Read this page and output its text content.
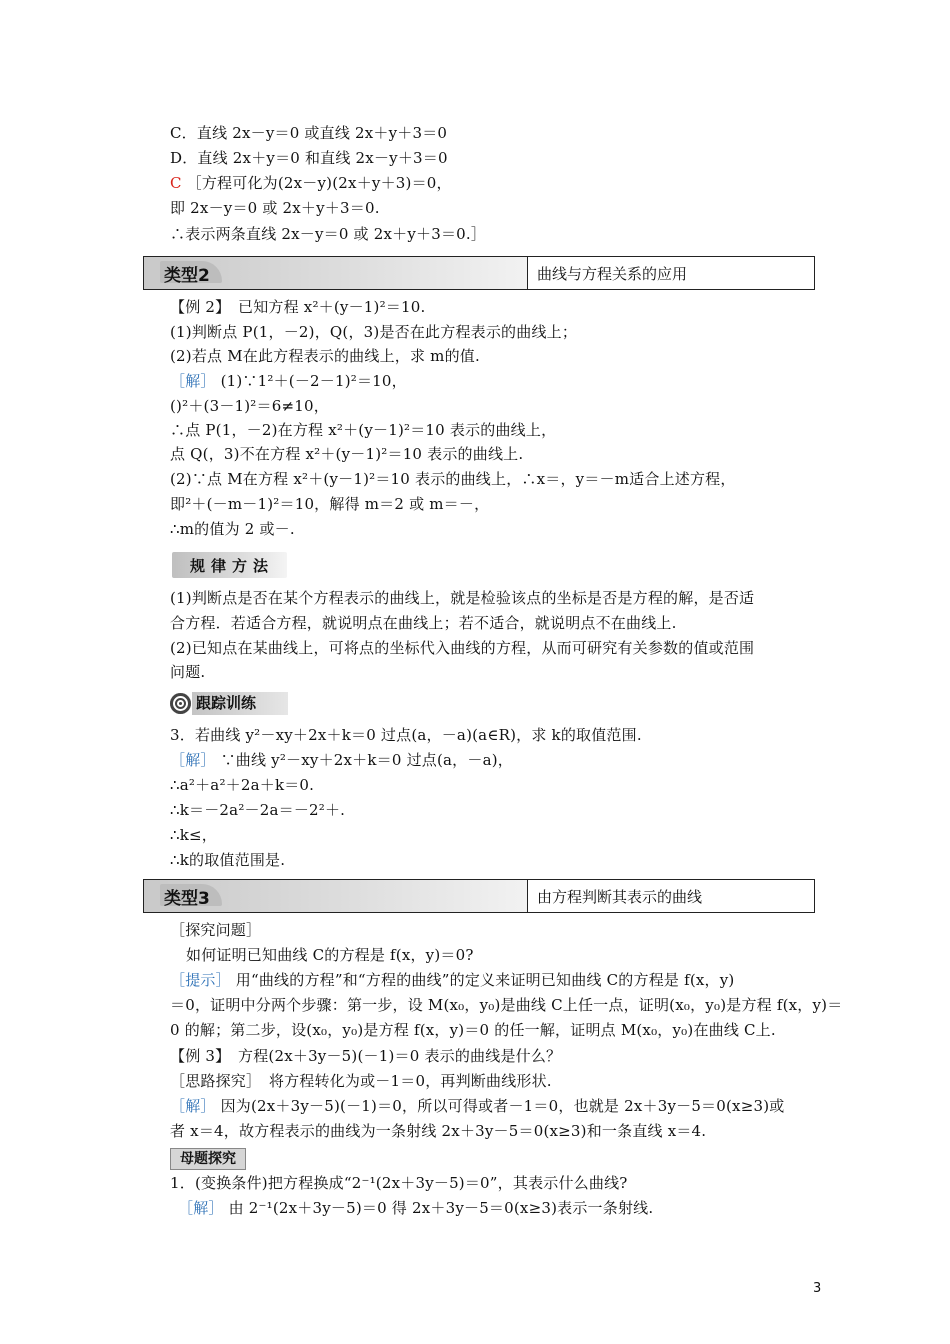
C．直线 2x－y＝0 或直线 2x＋y＋3＝0
D．直线 2x＋y＝0 和直线 2x－y＋3＝0
C ［方程可化为(2x－y)(2x＋y＋3)＝0，
即 2x－y＝0 或 2x＋y＋3＝0.
∴表示两条直线 2x－y＝0 或 2x＋y＋3＝0.］
类型2	曲线与方程关系的应用
【例 2】　已知方程 x²＋(y－1)²＝10.
(1)判断点 P(1，－2)，Q(，3)是否在此方程表示的曲线上；
(2)若点 M在此方程表示的曲线上，求 m的值.
［解］ (1)∵1²＋(－2－1)²＝10，
()²＋(3－1)²＝6≠10，
∴点 P(1，－2)在方程 x²＋(y－1)²＝10 表示的曲线上，
点 Q(，3)不在方程 x²＋(y－1)²＝10 表示的曲线上.
(2)∵点 M在方程 x²＋(y－1)²＝10 表示的曲线上，∴x＝，y＝－m适合上述方程，
即²＋(－m－1)²＝10，解得 m＝2 或 m＝－，
∴m的值为 2 或－.
规律方法
(1)判断点是否在某个方程表示的曲线上，就是检验该点的坐标是否是方程的解，是否适
合方程．若适合方程，就说明点在曲线上；若不适合，就说明点不在曲线上.
(2)已知点在某曲线上，可将点的坐标代入曲线的方程，从而可研究有关参数的值或范围
问题.
跟踪训练
3．若曲线 y²－xy＋2x＋k＝0 过点(a，－a)(a∈R)，求 k的取值范围.
［解］ ∵曲线 y²－xy＋2x＋k＝0 过点(a，－a)，
∴a²＋a²＋2a＋k＝0.
∴k＝－2a²－2a＝－2²＋.
∴k≤，
∴k的取值范围是.
类型3	由方程判断其表示的曲线
［探究问题］
如何证明已知曲线 C的方程是 f(x，y)＝0?
［提示］ 用“曲线的方程”和“方程的曲线”的定义来证明已知曲线 C的方程是 f(x，y)
＝0，证明中分两个步骤：第一步，设 M(x₀，y₀)是曲线 C上任一点，证明(x₀，y₀)是方程 f(x，y)＝
0 的解；第二步，设(x₀，y₀)是方程 f(x，y)＝0 的任一解，证明点 M(x₀，y₀)在曲线 C上.
【例 3】　方程(2x＋3y－5)(－1)＝0 表示的曲线是什么？
［思路探究］　将方程转化为或－1＝0，再判断曲线形状.
［解］ 因为(2x＋3y－5)(－1)＝0，所以可得或者－1＝0，也就是 2x＋3y－5＝0(x≥3)或
者 x＝4，故方程表示的曲线为一条射线 2x＋3y－5＝0(x≥3)和一条直线 x＝4.
母题探究
1．(变换条件)把方程换成“2⁻¹(2x＋3y－5)＝0”，其表示什么曲线?
［解］ 由 2⁻¹(2x＋3y－5)＝0 得 2x＋3y－5＝0(x≥3)表示一条射线.
3
